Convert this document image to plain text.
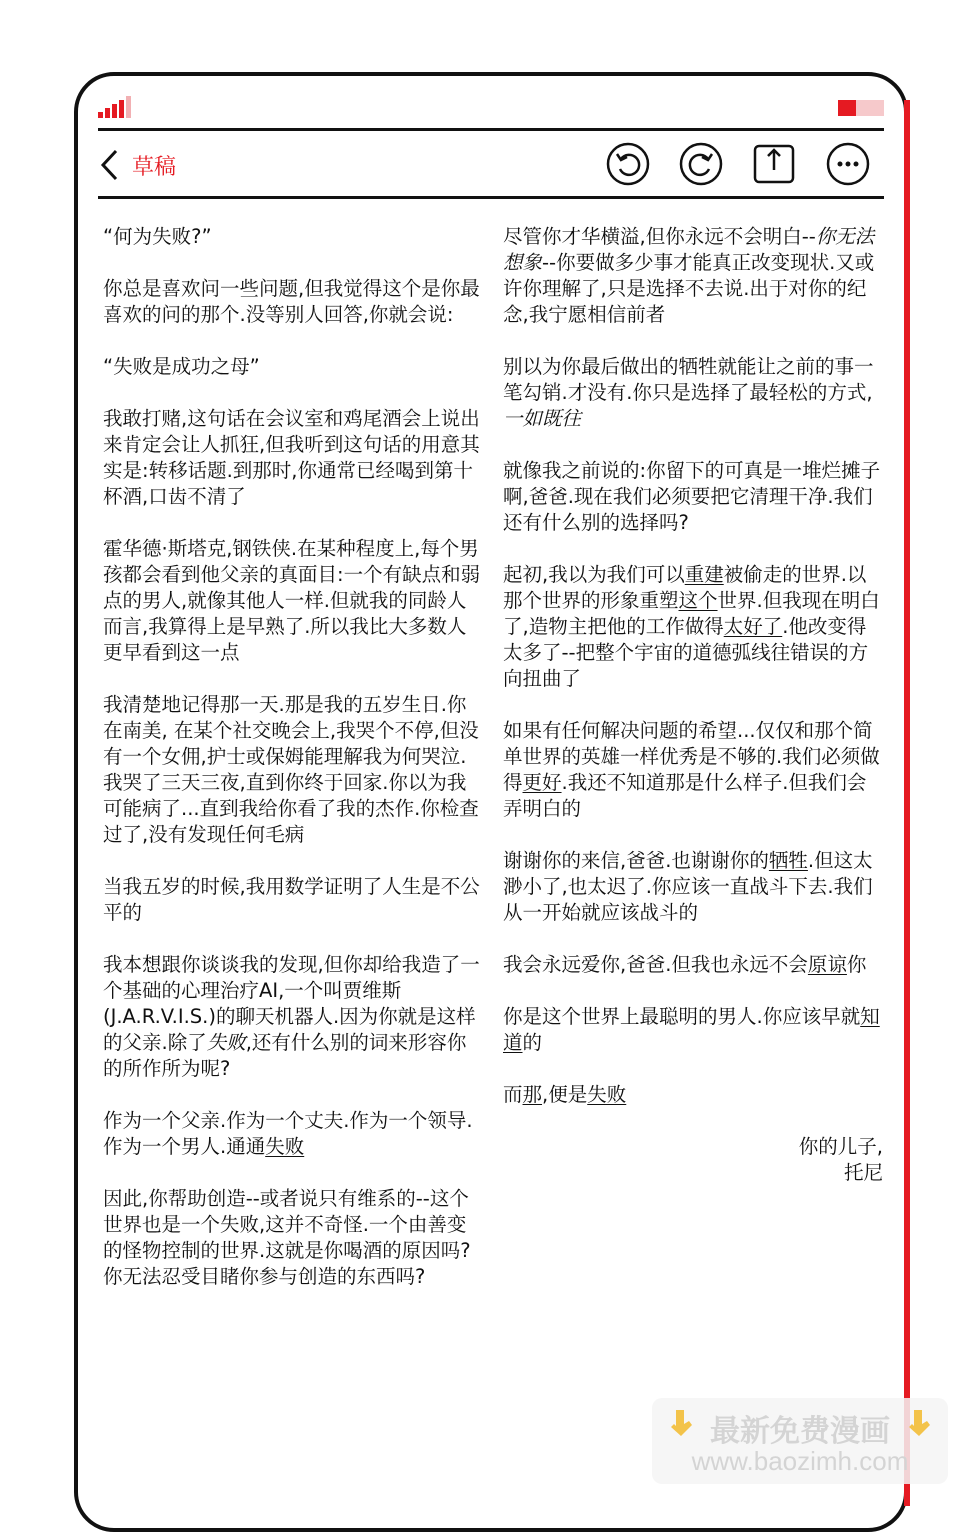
草稿

“何为失败?”

你总是喜欢问一些问题,但我觉得这个是你最喜欢的问的那个.没等别人回答,你就会说:

“失败是成功之母”

我敢打赌,这句话在会议室和鸡尾酒会上说出来肯定会让人抓狂,但我听到这句话的用意其实是:转移话题.到那时,你通常已经喝到第十杯酒,口齿不清了

霍华德·斯塔克,钢铁侠.在某种程度上,每个男孩都会看到他父亲的真面目:一个有缺点和弱点的男人,就像其他人一样.但就我的同龄人而言,我算得上是早熟了.所以我比大多数人更早看到这一点

我清楚地记得那一天.那是我的五岁生日.你在南美, 在某个社交晚会上,我哭个不停,但没有一个女佣,护士或保姆能理解我为何哭泣.我哭了三天三夜,直到你终于回家.你以为我可能病了...直到我给你看了我的杰作.你检查过了,没有发现任何毛病

当我五岁的时候,我用数学证明了人生是不公平的

我本想跟你谈谈我的发现,但你却给我造了一个基础的心理治疗AI,一个叫贾维斯(J.A.R.V.I.S.)的聊天机器人.因为你就是这样的父亲.除了失败,还有什么别的词来形容你的所作所为呢?

作为一个父亲.作为一个丈夫.作为一个领导.作为一个男人.通通失败

因此,你帮助创造--或者说只有维系的--这个世界也是一个失败,这并不奇怪.一个由善变的怪物控制的世界.这就是你喝酒的原因吗?你无法忍受目睹你参与创造的东西吗?

尽管你才华横溢,但你永远不会明白--你无法想象--你要做多少事才能真正改变现状.又或许你理解了,只是选择不去说.出于对你的纪念,我宁愿相信前者

别以为你最后做出的牺牲就能让之前的事一笔勾销.才没有.你只是选择了最轻松的方式,一如既往

就像我之前说的:你留下的可真是一堆烂摊子啊,爸爸.现在我们必须要把它清理干净.我们还有什么别的选择吗?

起初,我以为我们可以重建被偷走的世界.以那个世界的形象重塑这个世界.但我现在明白了,造物主把他的工作做得太好了.他改变得太多了--把整个宇宙的道德弧线往错误的方向扭曲了

如果有任何解决问题的希望...仅仅和那个简单世界的英雄一样优秀是不够的.我们必须做得更好.我还不知道那是什么样子.但我们会弄明白的

谢谢你的来信,爸爸.也谢谢你的牺牲.但这太渺小了,也太迟了.你应该一直战斗下去.我们从一开始就应该战斗的

我会永远爱你,爸爸.但我也永远不会原谅你

你是这个世界上最聪明的男人.你应该早就知道的

而那,便是失败

你的儿子,
托尼
最新免费漫画
www.baozimh.com
